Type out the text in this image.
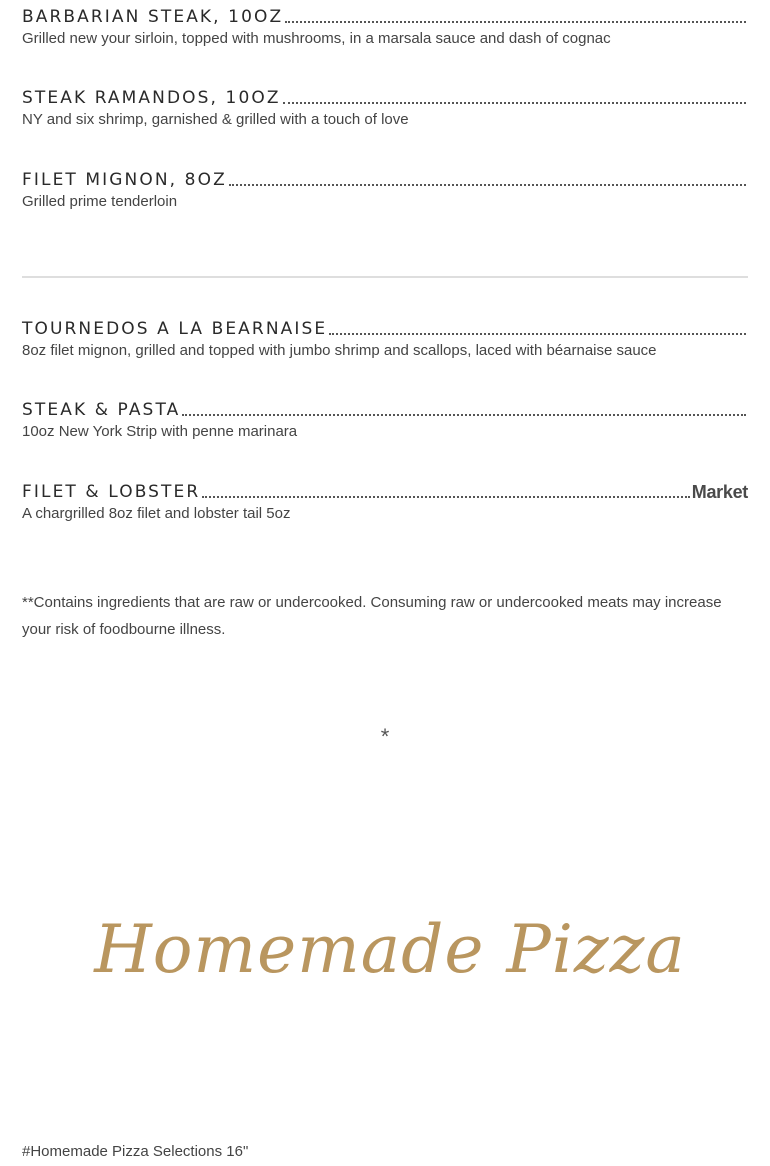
BARBARIAN STEAK, 10OZ
Grilled new your sirloin, topped with mushrooms, in a marsala sauce and dash of cognac
STEAK RAMANDOS, 10OZ
NY and six shrimp, garnished & grilled with a touch of love
FILET MIGNON, 8OZ
Grilled prime tenderloin
TOURNEDOS A LA BEARNAISE
8oz filet mignon, grilled and topped with jumbo shrimp and scallops, laced with béarnaise sauce
STEAK & PASTA
10oz New York Strip with penne marinara
FILET & LOBSTER	Market
A chargrilled 8oz filet and lobster tail 5oz
**Contains ingredients that are raw or undercooked. Consuming raw or undercooked meats may increase your risk of foodbourne illness.
*
Homemade Pizza
#Homemade Pizza Selections 16"
